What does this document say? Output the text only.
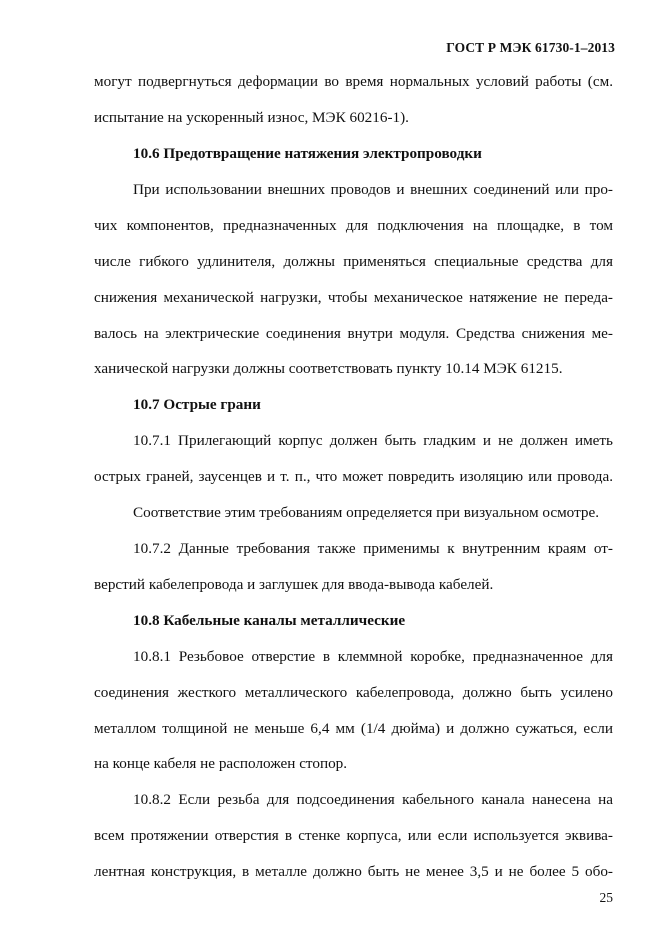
ГОСТ Р МЭК 61730-1–2013
могут подвергнуться деформации во время нормальных условий работы (см.
испытание на ускоренный износ, МЭК 60216-1).
10.6 Предотвращение натяжения электропроводки
При использовании внешних проводов и внешних соединений или про-
чих компонентов, предназначенных для подключения на площадке, в том
числе гибкого удлинителя, должны применяться специальные средства для
снижения механической нагрузки, чтобы механическое натяжение не переда-
валось на электрические соединения внутри модуля. Средства снижения ме-
ханической нагрузки должны соответствовать пункту 10.14 МЭК 61215.
10.7 Острые грани
10.7.1 Прилегающий корпус должен быть гладким и не должен иметь
острых граней, заусенцев и т. п., что может повредить изоляцию или провода.
Соответствие этим требованиям определяется при визуальном осмотре.
10.7.2 Данные требования также применимы к внутренним краям от-
верстий кабелепровода и заглушек для ввода-вывода кабелей.
10.8 Кабельные каналы металлические
10.8.1 Резьбовое отверстие в клеммной коробке, предназначенное для
соединения жесткого металлического кабелепровода, должно быть усилено
металлом толщиной не меньше 6,4 мм (1/4 дюйма) и должно сужаться, если
на конце кабеля не расположен стопор.
10.8.2 Если резьба для подсоединения кабельного канала нанесена на
всем протяжении отверстия в стенке корпуса, или если используется эквива-
лентная конструкция, в металле должно быть не менее 3,5 и не более 5 обо-
25
